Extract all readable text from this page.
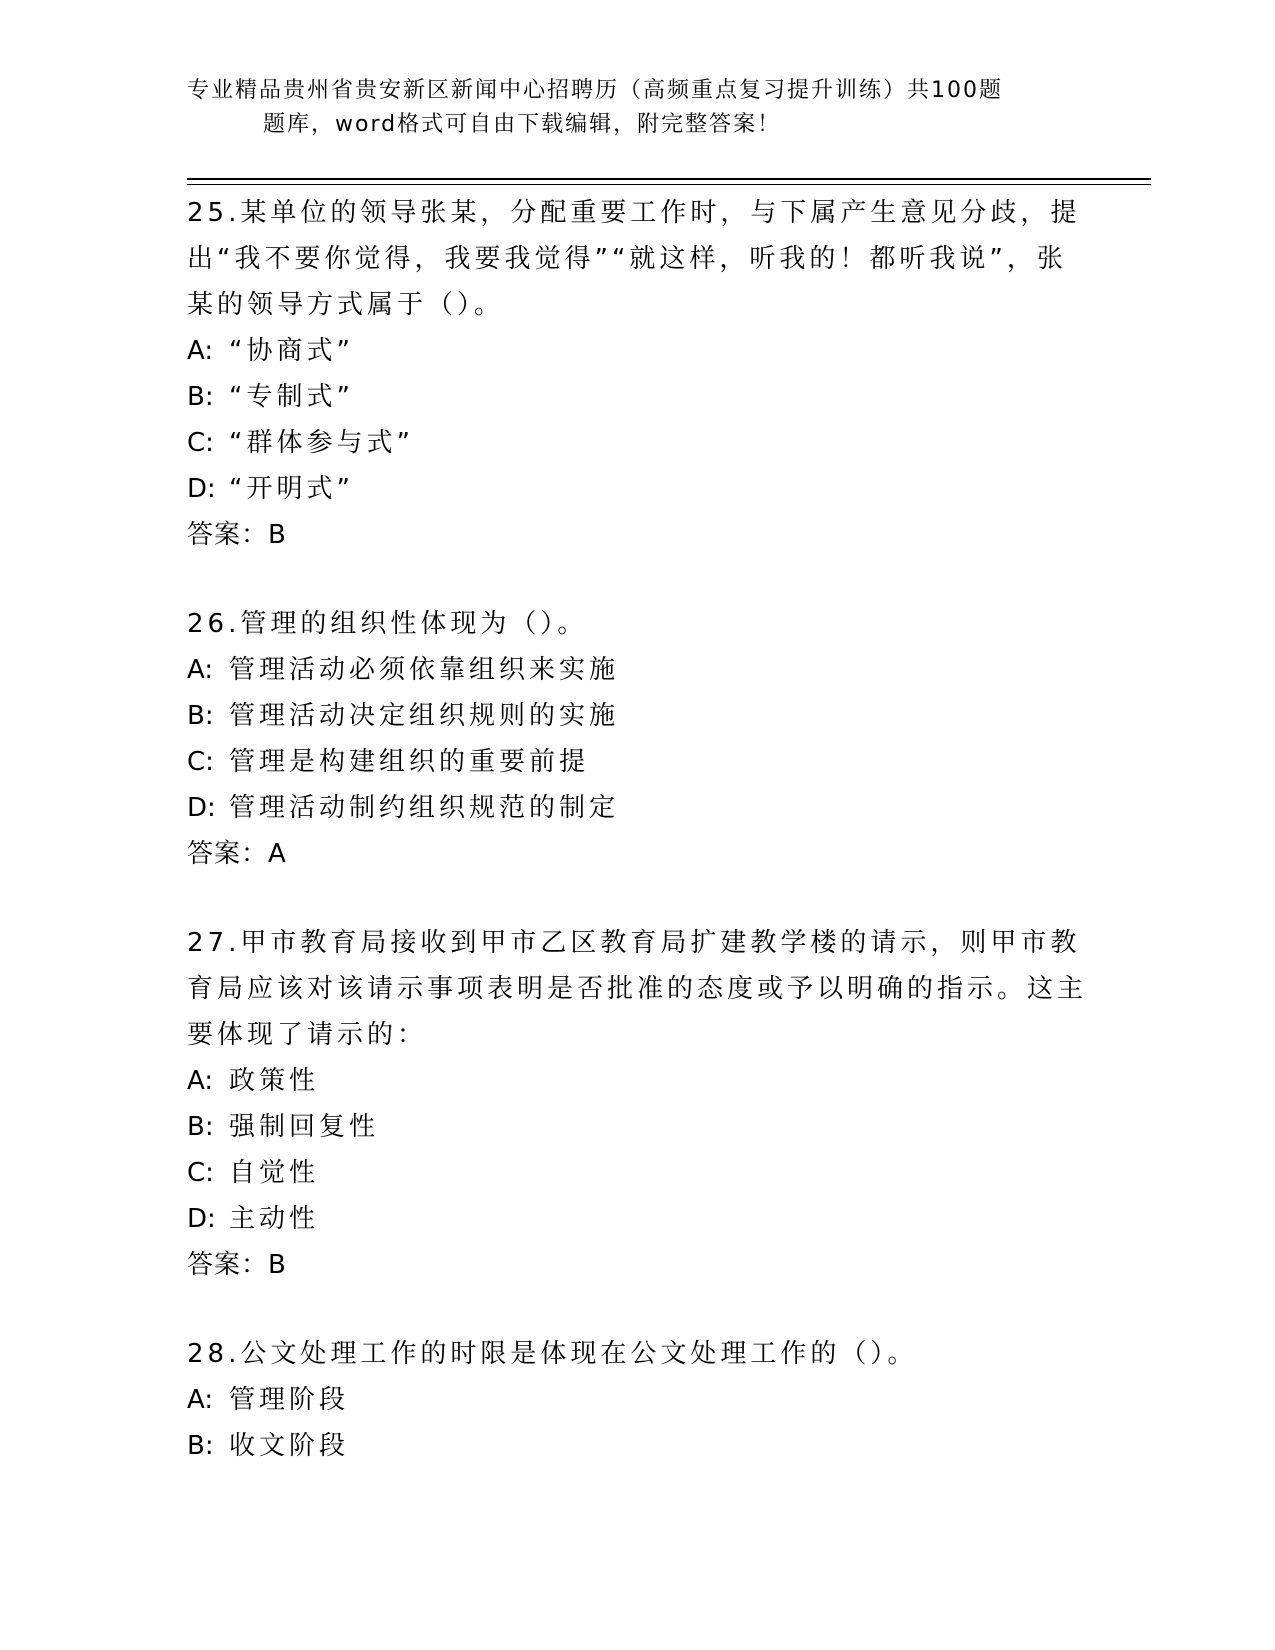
专业精品贵州省贵安新区新闻中心招聘历（高频重点复习提升训练）共100题
题库，word格式可自由下载编辑，附完整答案！
25.某单位的领导张某，分配重要工作时，与下属产生意见分歧，提出“我不要你觉得，我要我觉得”“就这样，听我的！都听我说”，张某的领导方式属于（）。
A: “协商式”
B: “专制式”
C: “群体参与式”
D: “开明式”
答案：B
26.管理的组织性体现为（）。
A: 管理活动必须依靠组织来实施
B: 管理活动决定组织规则的实施
C: 管理是构建组织的重要前提
D: 管理活动制约组织规范的制定
答案：A
27.甲市教育局接收到甲市乙区教育局扩建教学楼的请示，则甲市教育局应该对该请示事项表明是否批准的态度或予以明确的指示。这主要体现了请示的：
A: 政策性
B: 强制回复性
C: 自觉性
D: 主动性
答案：B
28.公文处理工作的时限是体现在公文处理工作的（）。
A: 管理阶段
B: 收文阶段
